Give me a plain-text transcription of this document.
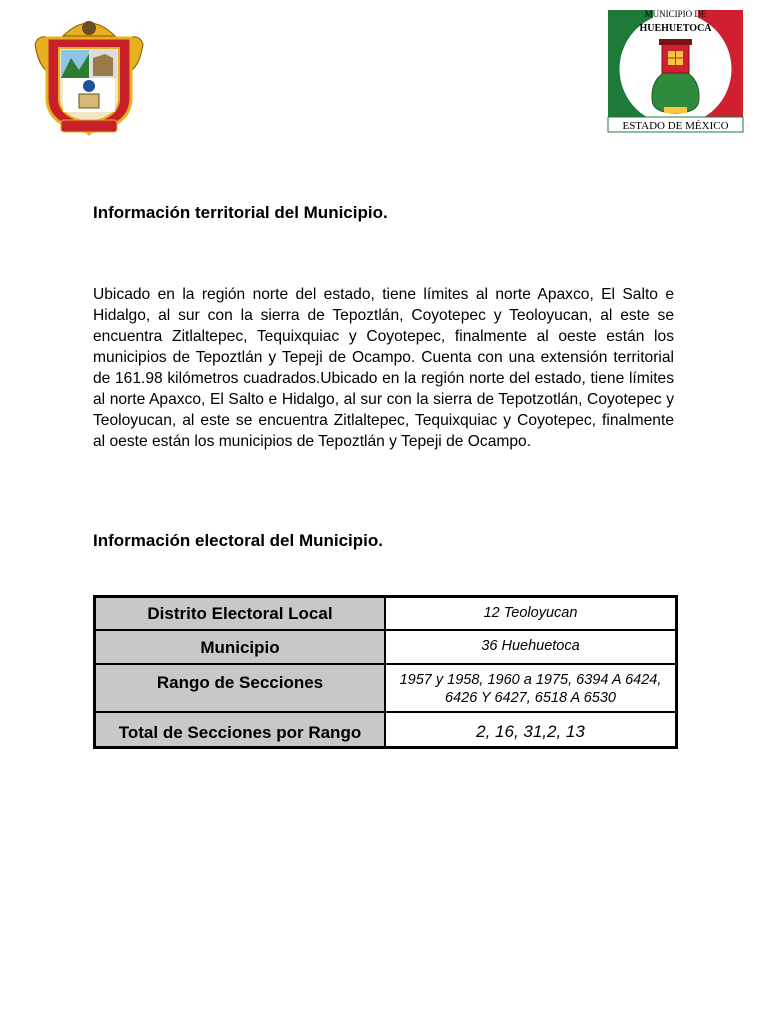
MUNICIPIO DE
HUEHUETOCA
ESTADO DE MÉXICO
Información territorial del Municipio.

Ubicado en la región norte del estado, tiene límites al norte Apaxco, El Salto e Hidalgo, al sur con la sierra de Tepoztlán, Coyotepec y Teoloyucan, al este se encuentra Zitlaltepec, Tequixquiac y Coyotepec, finalmente al oeste están los municipios de Tepoztlán y Tepeji de Ocampo. Cuenta con una extensión territorial de 161.98 kilómetros cuadrados.Ubicado en la región norte del estado, tiene límites al norte Apaxco, El Salto e Hidalgo, al sur con la sierra de Tepotzotlán, Coyotepec y Teoloyucan, al este se encuentra Zitlaltepec, Tequixquiac y Coyotepec, finalmente al oeste están los municipios de Tepoztlán y Tepeji de Ocampo.

Información electoral del Municipio.
Distrito Electoral Local	12 Teoloyucan
Municipio	36 Huehuetoca
Rango de Secciones	1957 y 1958, 1960 a 1975, 6394 A 6424, 6426 Y 6427, 6518 A 6530
Total de Secciones por Rango	2, 16, 31,2, 13
